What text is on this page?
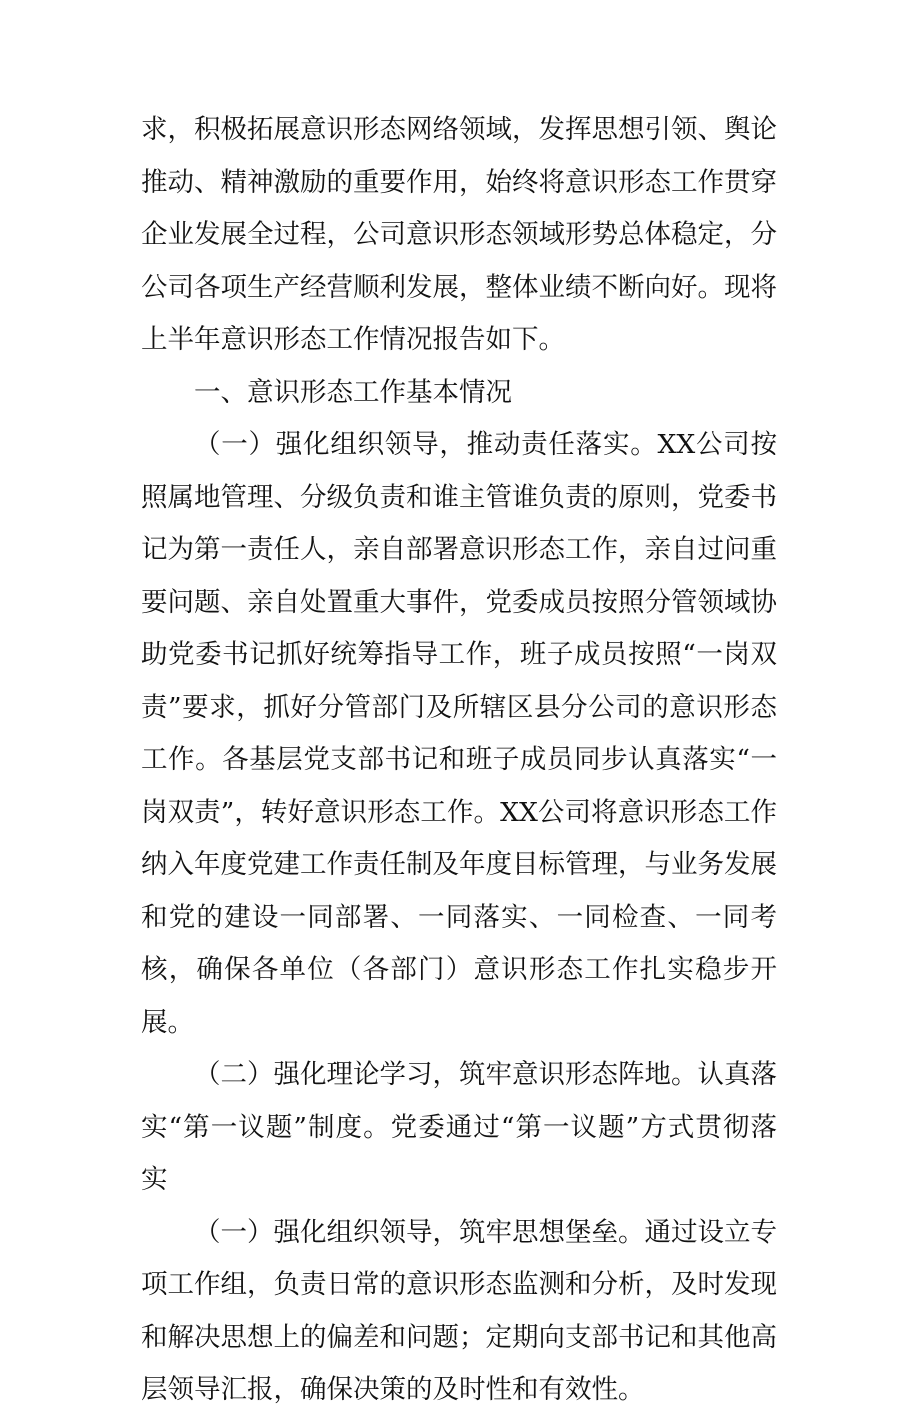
求，积极拓展意识形态网络领域，发挥思想引领、舆论推动、精神激励的重要作用，始终将意识形态工作贯穿企业发展全过程，公司意识形态领域形势总体稳定，分公司各项生产经营顺利发展，整体业绩不断向好。现将上半年意识形态工作情况报告如下。

一、意识形态工作基本情况

（一）强化组织领导，推动责任落实。XX公司按照属地管理、分级负责和谁主管谁负责的原则，党委书记为第一责任人，亲自部署意识形态工作，亲自过问重要问题、亲自处置重大事件，党委成员按照分管领域协助党委书记抓好统筹指导工作，班子成员按照“一岗双责”要求，抓好分管部门及所辖区县分公司的意识形态工作。各基层党支部书记和班子成员同步认真落实“一岗双责”，转好意识形态工作。XX公司将意识形态工作纳入年度党建工作责任制及年度目标管理，与业务发展和党的建设一同部署、一同落实、一同检查、一同考核，确保各单位（各部门）意识形态工作扎实稳步开展。

（二）强化理论学习，筑牢意识形态阵地。认真落实“第一议题”制度。党委通过“第一议题”方式贯彻落实

（一）强化组织领导，筑牢思想堡垒。通过设立专项工作组，负责日常的意识形态监测和分析，及时发现和解决思想上的偏差和问题；定期向支部书记和其他高层领导汇报，确保决策的及时性和有效性。
